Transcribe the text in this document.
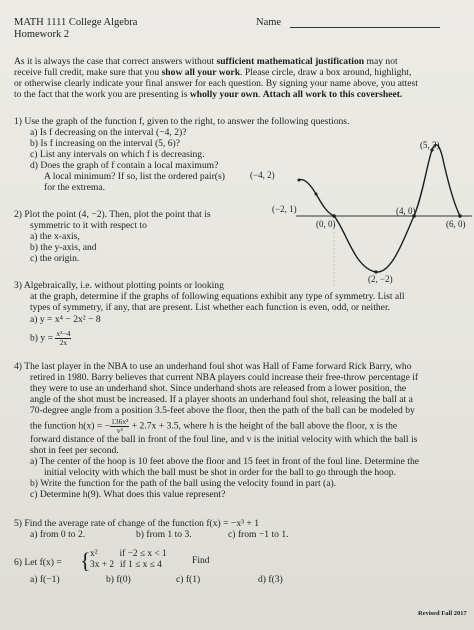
MATH 1111 College Algebra
Homework 2
Name
As it is always the case that correct answers without sufficient mathematical justification may not
receive full credit, make sure that you show all your work. Please circle, draw a box around, highlight,
or otherwise clearly indicate your final answer for each question. By signing your name above, you attest
to the fact that the work you are presenting is wholly your own. Attach all work to this coversheet.
1) Use the graph of the function f, given to the right, to answer the following questions.
a) Is f decreasing on the interval (−4, 2)?
b) Is f increasing on the interval (5, 6)?
c) List any intervals on which f is decreasing.
d) Does the graph of f contain a local maximum?
A local minimum? If so, list the ordered pair(s)
for the extrema.
(5, 3)
(−4, 2)
(−2, 1)	(4, 0)
(0, 0)	(6, 0)
(2, −2)
2) Plot the point (4, −2). Then, plot the point that is
symmetric to it with respect to
a) the x-axis,
b) the y-axis, and
c) the origin.
3) Algebraically, i.e. without plotting points or looking
at the graph, determine if the graphs of following equations exhibit any type of symmetry. List all
types of symmetry, if any, that are present. List whether each function is even, odd, or neither.
a) y = x⁴ − 2x² − 8
b) $y = \frac{\text{x²−4}}{2x}$
4) The last player in the NBA to use an underhand foul shot was Hall of Fame forward Rick Barry, who
retired in 1980. Barry believes that current NBA players could increase their free-throw percentage if
they were to use an underhand shot. Since underhand shots are released from a lower position, the
angle of the shot must be increased. If a player shoots an underhand foul shot, releasing the ball at a
70-degree angle from a position 3.5-feet above the floor, then the path of the ball can be modeled by
the function h(x) = − $\frac{\text{136x²}}{\text{v²}} + 2.7x + 3.5$, where h is the height of the ball above the floor, x is the
forward distance of the ball in front of the foul line, and v is the initial velocity with which the ball is
shot in feet per second.
a) The center of the hoop is 10 feet above the floor and 15 feet in front of the foul line. Determine the
initial velocity with which the ball must be shot in order for the ball to go through the hoop.
b) Write the function for the path of the ball using the velocity found in part (a).
c) Determine h(9). What does this value represent?
5) Find the average rate of change of the function f(x) = −x³ + 1
a) from 0 to 2.	b) from 1 to 3.	c) from −1 to 1.
6) Let f(x) = { x² if −2 ≤ x < 1
3x + 2 if 1 ≤ x ≤ 4	Find
a) f(−1)	b) f(0)	c) f(1)	d) f(3)
Revised Fall 2017
